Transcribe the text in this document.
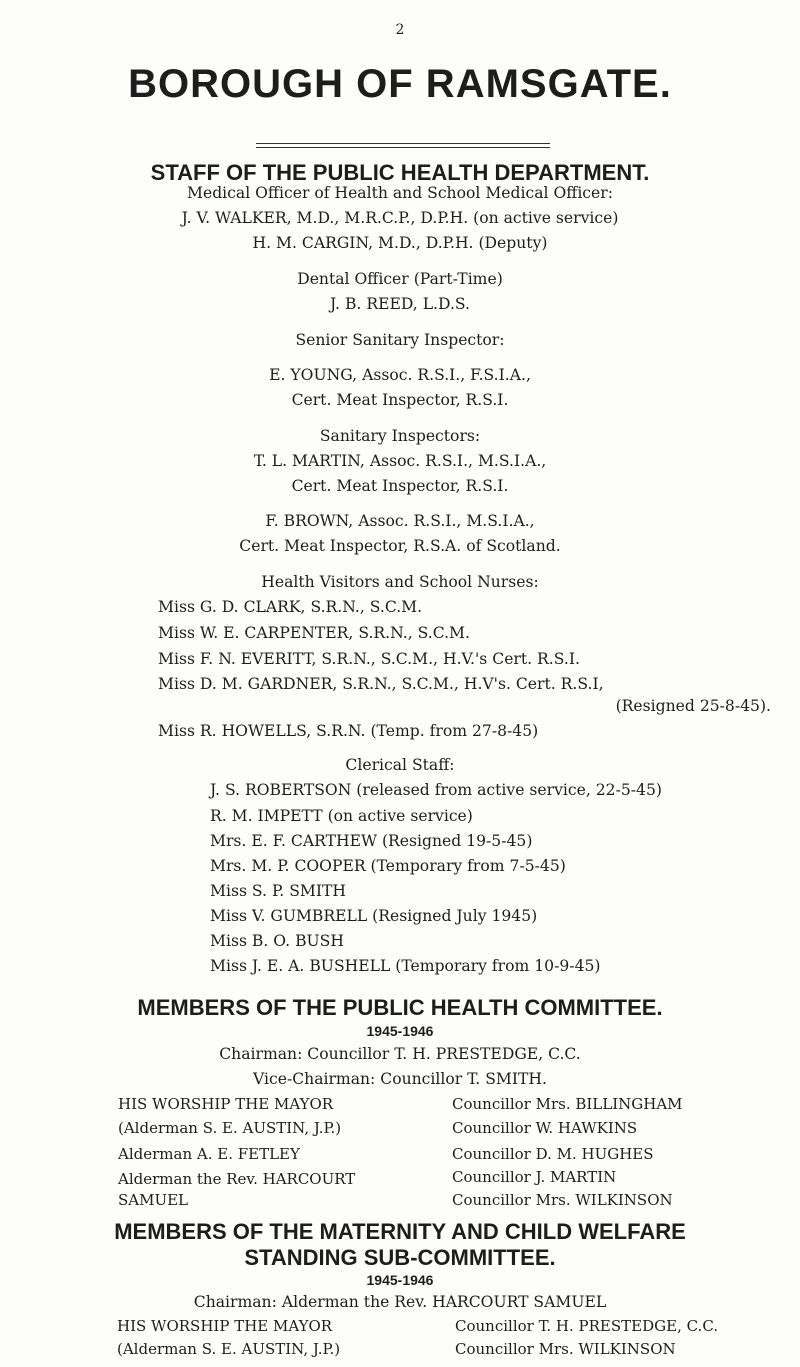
2
BOROUGH OF RAMSGATE.
STAFF OF THE PUBLIC HEALTH DEPARTMENT.
Medical Officer of Health and School Medical Officer:
J. V. WALKER, M.D., M.R.C.P., D.P.H. (on active service)
H. M. CARGIN, M.D., D.P.H. (Deputy)
Dental Officer (Part-Time)
J. B. REED, L.D.S.
Senior Sanitary Inspector:
E. YOUNG, Assoc. R.S.I., F.S.I.A.,
Cert. Meat Inspector, R.S.I.
Sanitary Inspectors:
T. L. MARTIN, Assoc. R.S.I., M.S.I.A.,
Cert. Meat Inspector, R.S.I.
F. BROWN, Assoc. R.S.I., M.S.I.A.,
Cert. Meat Inspector, R.S.A. of Scotland.
Health Visitors and School Nurses:
Miss G. D. CLARK, S.R.N., S.C.M.
Miss W. E. CARPENTER, S.R.N., S.C.M.
Miss F. N. EVERITT, S.R.N., S.C.M., H.V.'s Cert. R.S.I.
Miss D. M. GARDNER, S.R.N., S.C.M., H.V's. Cert. R.S.I,
(Resigned 25-8-45).
Miss R. HOWELLS, S.R.N. (Temp. from 27-8-45)
Clerical Staff:
J. S. ROBERTSON (released from active service, 22-5-45)
R. M. IMPETT (on active service)
Mrs. E. F. CARTHEW (Resigned 19-5-45)
Mrs. M. P. COOPER (Temporary from 7-5-45)
Miss S. P. SMITH
Miss V. GUMBRELL (Resigned July 1945)
Miss B. O. BUSH
Miss J. E. A. BUSHELL (Temporary from 10-9-45)
MEMBERS OF THE PUBLIC HEALTH COMMITTEE.
1945-1946
Chairman: Councillor T. H. PRESTEDGE, C.C.
Vice-Chairman: Councillor T. SMITH.
HIS WORSHIP THE MAYOR
(Alderman S. E. AUSTIN, J.P.)
Alderman A. E. FETLEY
Alderman the Rev. HARCOURT
SAMUEL
Councillor Mrs. BILLINGHAM
Councillor W. HAWKINS
Councillor D. M. HUGHES
Councillor J. MARTIN
Councillor Mrs. WILKINSON
MEMBERS OF THE MATERNITY AND CHILD WELFARE
STANDING SUB-COMMITTEE.
1945-1946
Chairman: Alderman the Rev. HARCOURT SAMUEL
HIS WORSHIP THE MAYOR
(Alderman S. E. AUSTIN, J.P.)
Councillor T. H. PRESTEDGE, C.C.
Councillor Mrs. WILKINSON
